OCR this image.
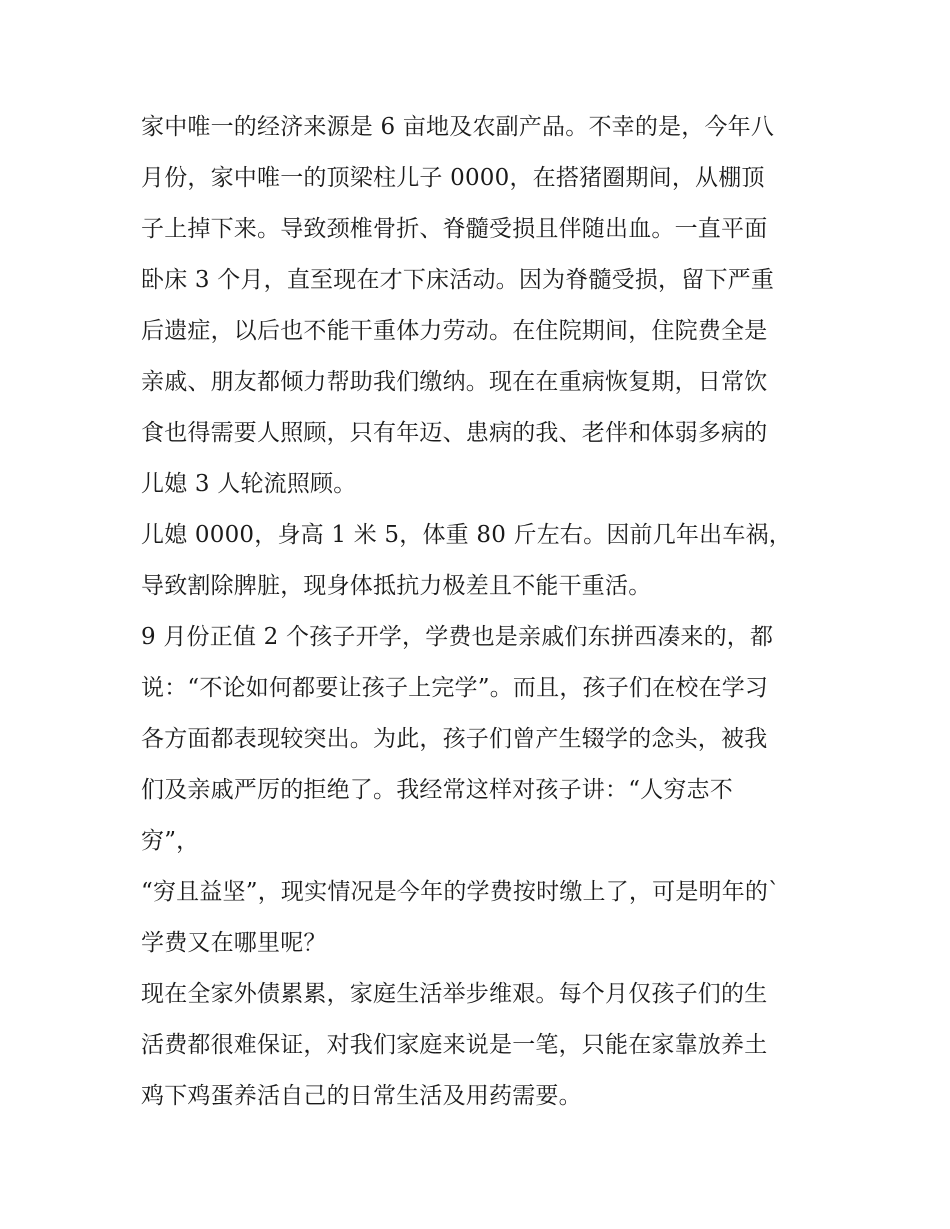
家中唯一的经济来源是 6 亩地及农副产品。不幸的是，今年八
月份，家中唯一的顶梁柱儿子 0000，在搭猪圈期间，从棚顶
子上掉下来。导致颈椎骨折、脊髓受损且伴随出血。一直平面
卧床 3 个月，直至现在才下床活动。因为脊髓受损，留下严重
后遗症，以后也不能干重体力劳动。在住院期间，住院费全是
亲戚、朋友都倾力帮助我们缴纳。现在在重病恢复期，日常饮
食也得需要人照顾，只有年迈、患病的我、老伴和体弱多病的
儿媳 3 人轮流照顾。
儿媳 0000，身高 1 米 5，体重 80 斤左右。因前几年出车祸，
导致割除脾脏，现身体抵抗力极差且不能干重活。
9 月份正值 2 个孩子开学，学费也是亲戚们东拼西凑来的，都
说：“不论如何都要让孩子上完学”。而且，孩子们在校在学习
各方面都表现较突出。为此，孩子们曾产生辍学的念头，被我
们及亲戚严厉的拒绝了。我经常这样对孩子讲：“人穷志不
穷”，
“穷且益坚”，现实情况是今年的学费按时缴上了，可是明年的`
学费又在哪里呢？
现在全家外债累累，家庭生活举步维艰。每个月仅孩子们的生
活费都很难保证，对我们家庭来说是一笔，只能在家靠放养土
鸡下鸡蛋养活自己的日常生活及用药需要。
